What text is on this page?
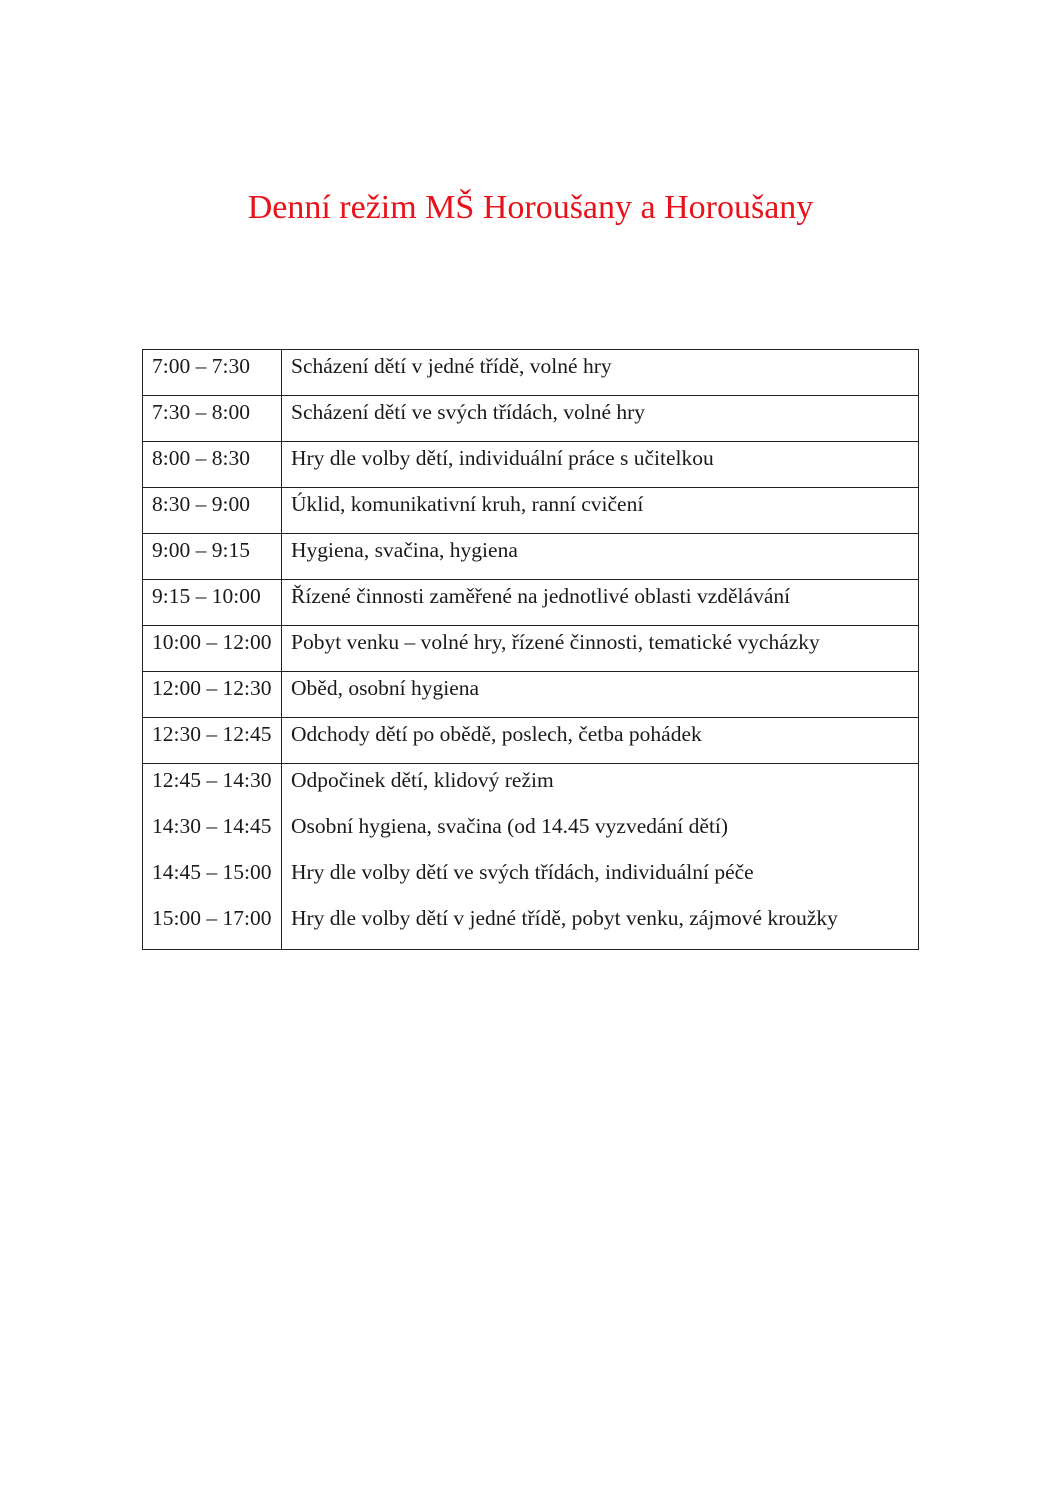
Denní režim MŠ Horoušany a Horoušany
7:00 – 7:30	Scházení dětí v jedné třídě, volné hry
7:30 – 8:00	Scházení dětí ve svých třídách, volné hry
8:00 – 8:30	Hry dle volby dětí, individuální práce s učitelkou
8:30 – 9:00	Úklid, komunikativní kruh, ranní cvičení
9:00 – 9:15	Hygiena, svačina, hygiena
9:15 – 10:00	Řízené činnosti zaměřené na jednotlivé oblasti vzdělávání
10:00 – 12:00	Pobyt venku – volné hry, řízené činnosti, tematické vycházky
12:00 – 12:30	Oběd, osobní hygiena
12:30 – 12:45	Odchody dětí po obědě, poslech, četba pohádek
12:45 – 14:30	Odpočinek dětí, klidový režim
14:30 – 14:45	Osobní hygiena, svačina (od 14.45 vyzvedání dětí)
14:45 – 15:00	Hry dle volby dětí ve svých třídách, individuální péče
15:00 – 17:00	Hry dle volby dětí v jedné třídě, pobyt venku, zájmové kroužky
